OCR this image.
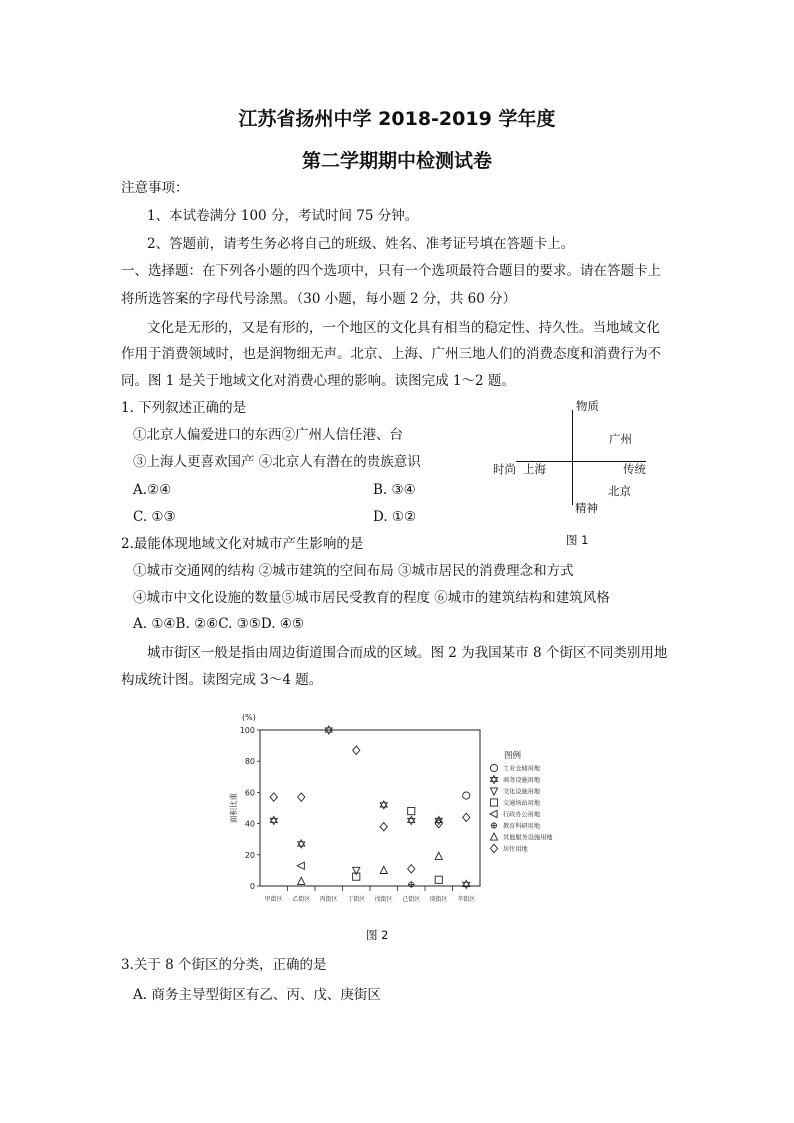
江苏省扬州中学 2018-2019 学年度
第二学期期中检测试卷
注意事项：
1、本试卷满分 100 分，考试时间 75 分钟。
2、答题前，请考生务必将自己的班级、姓名、准考证号填在答题卡上。
一、选择题：在下列各小题的四个选项中，只有一个选项最符合题目的要求。请在答题卡上
将所选答案的字母代号涂黑。（30 小题，每小题 2 分，共 60 分）
文化是无形的，又是有形的，一个地区的文化具有相当的稳定性、持久性。当地域文化
作用于消费领域时，也是润物细无声。北京、上海、广州三地人们的消费态度和消费行为不
同。图 1 是关于地域文化对消费心理的影响。读图完成 1～2 题。
1. 下列叙述正确的是
①北京人偏爱进口的东西②广州人信任港、台
③上海人更喜欢国产 ④北京人有潜在的贵族意识
A.②④	B. ③④
C. ①③	D. ①②
物质
精神
时尚	传统
广州
上海
北京
图 1
2.最能体现地域文化对城市产生影响的是
①城市交通网的结构 ②城市建筑的空间布局 ③城市居民的消费理念和方式
④城市中文化设施的数量⑤城市居民受教育的程度 ⑥城市的建筑结构和建筑风格
A. ①④B. ②⑥C. ③⑤D. ④⑤
城市街区一般是指由周边街道围合而成的区域。图 2 为我国某市 8 个街区不同类别用地
构成统计图。读图完成 3～4 题。
(%)
面积比重
图例
0
20
40
60
80
100
甲街区 乙街区 丙街区 丁街区 戊街区 己街区 庚街区 辛街区
工业仓储用地
商务设施用地
文化设施用地
交通场站用地
行政办公用地
教育科研用地
其他服务设施用地
居住用地
图 2
3.关于 8 个街区的分类，正确的是
A. 商务主导型街区有乙、丙、戊、庚街区
